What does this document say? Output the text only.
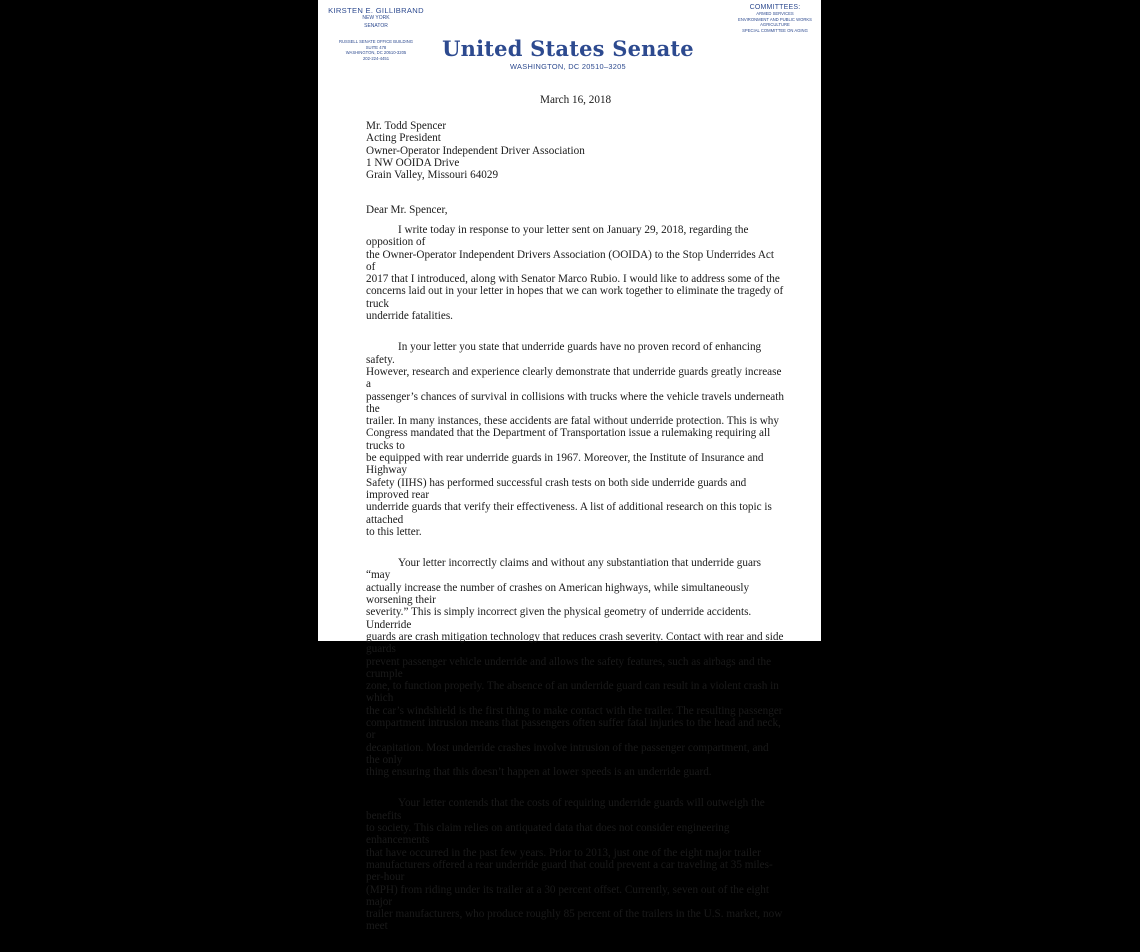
KIRSTEN E. GILLIBRAND
NEW YORK
SENATOR
RUSSELL SENATE OFFICE BUILDING
SUITE 478
WASHINGTON, DC 20510-3205
202-224-4451
COMMITTEES:
ARMED SERVICES
ENVIRONMENT AND PUBLIC WORKS
AGRICULTURE
SPECIAL COMMITTEE ON AGING
United States Senate
WASHINGTON, DC 20510–3205
March 16, 2018
Mr. Todd Spencer
Acting President
Owner-Operator Independent Driver Association
1 NW OOIDA Drive
Grain Valley, Missouri 64029
Dear Mr. Spencer,

I write today in response to your letter sent on January 29, 2018, regarding the opposition of
the Owner-Operator Independent Drivers Association (OOIDA) to the Stop Underrides Act of
2017 that I introduced, along with Senator Marco Rubio. I would like to address some of the
concerns laid out in your letter in hopes that we can work together to eliminate the tragedy of truck
underride fatalities.

In your letter you state that underride guards have no proven record of enhancing safety.
However, research and experience clearly demonstrate that underride guards greatly increase a
passenger’s chances of survival in collisions with trucks where the vehicle travels underneath the
trailer. In many instances, these accidents are fatal without underride protection. This is why
Congress mandated that the Department of Transportation issue a rulemaking requiring all trucks to
be equipped with rear underride guards in 1967. Moreover, the Institute of Insurance and Highway
Safety (IIHS) has performed successful crash tests on both side underride guards and improved rear
underride guards that verify their effectiveness. A list of additional research on this topic is attached
to this letter.

Your letter incorrectly claims and without any substantiation that underride guars “may
actually increase the number of crashes on American highways, while simultaneously worsening their
severity.” This is simply incorrect given the physical geometry of underride accidents. Underride
guards are crash mitigation technology that reduces crash severity. Contact with rear and side guards
prevent passenger vehicle underride and allows the safety features, such as airbags and the crumple
zone, to function properly. The absence of an underride guard can result in a violent crash in which
the car’s windshield is the first thing to make contact with the trailer. The resulting passenger
compartment intrusion means that passengers often suffer fatal injuries to the head and neck, or
decapitation. Most underride crashes involve intrusion of the passenger compartment, and the only
thing ensuring that this doesn’t happen at lower speeds is an underride guard.

Your letter contends that the costs of requiring underride guards will outweigh the benefits
to society. This claim relies on antiquated data that does not consider engineering enhancements
that have occurred in the past few years. Prior to 2013, just one of the eight major trailer
manufacturers offered a rear underride guard that could prevent a car traveling at 35 miles-per-hour
(MPH) from riding under its trailer at a 30 percent offset. Currently, seven out of the eight major
trailer manufacturers, who produce roughly 85 percent of the trailers in the U.S. market, now meet
